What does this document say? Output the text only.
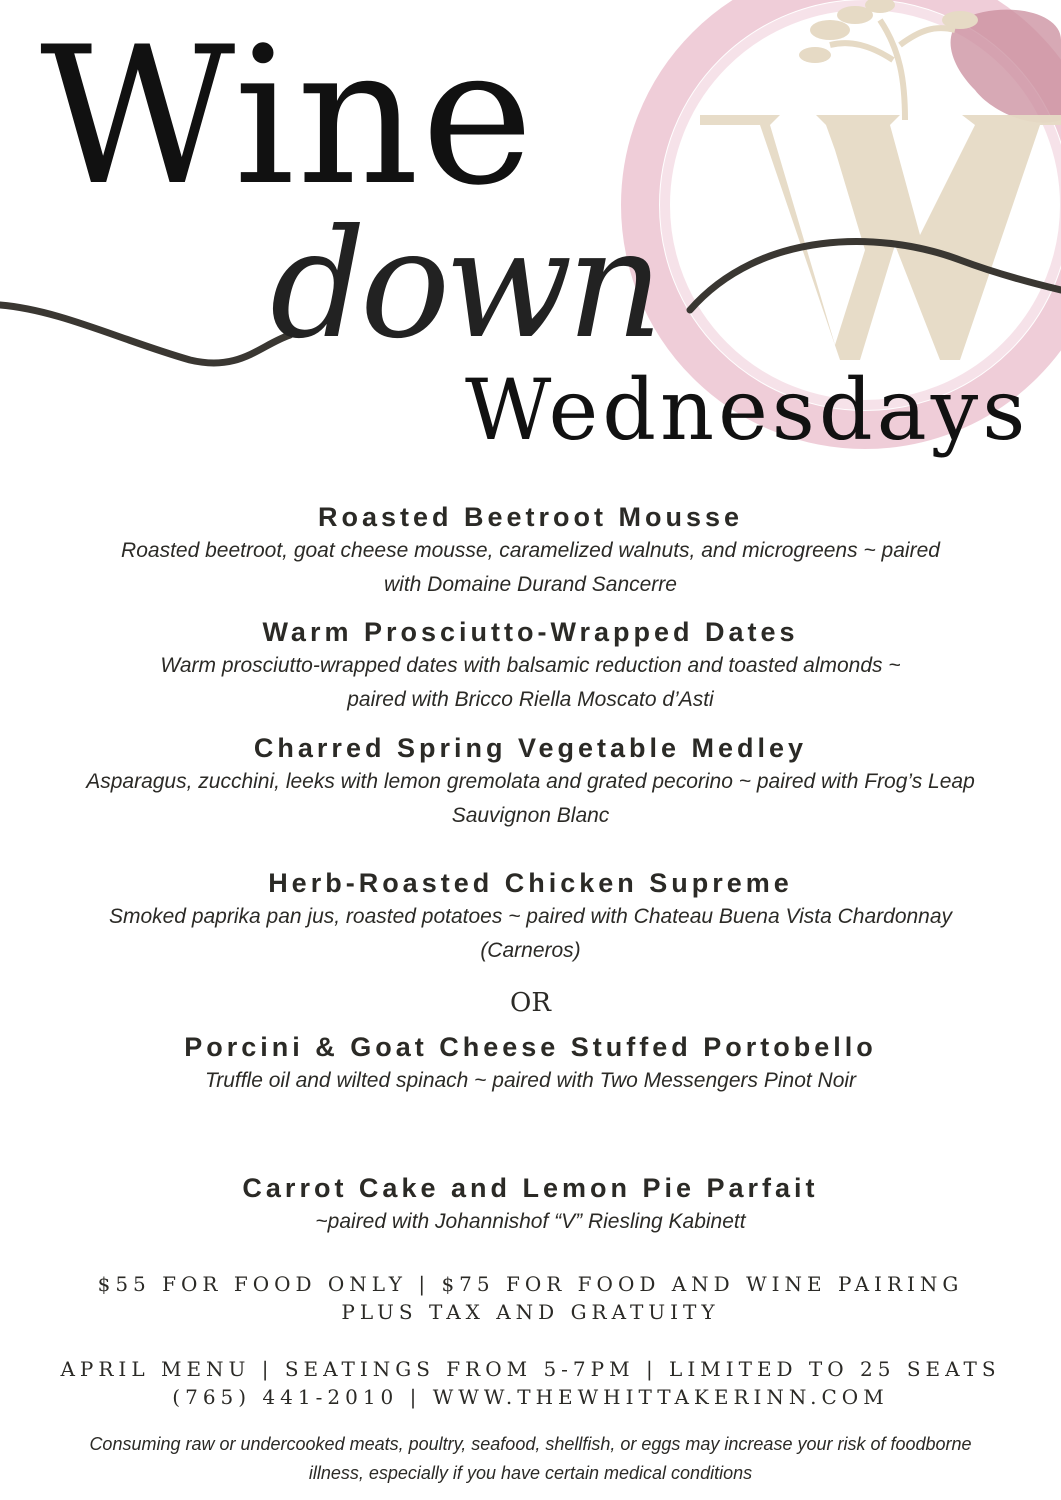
Wine
down
Wednesdays
Roasted Beetroot Mousse
Roasted beetroot, goat cheese mousse, caramelized walnuts, and microgreens ~ paired
with Domaine Durand Sancerre
Warm Prosciutto-Wrapped Dates
Warm prosciutto-wrapped dates with balsamic reduction and toasted almonds ~
paired with Bricco Riella Moscato d’Asti
Charred Spring Vegetable Medley
Asparagus, zucchini, leeks with lemon gremolata and grated pecorino ~ paired with Frog’s Leap
Sauvignon Blanc
Herb-Roasted Chicken Supreme
Smoked paprika pan jus, roasted potatoes ~ paired with Chateau Buena Vista Chardonnay
(Carneros)
OR
Porcini & Goat Cheese Stuffed Portobello
Truffle oil and wilted spinach ~ paired with Two Messengers Pinot Noir
Carrot Cake and Lemon Pie Parfait
~paired with Johannishof “V” Riesling Kabinett
$55 FOR FOOD ONLY | $75 FOR FOOD AND WINE PAIRING
PLUS TAX AND GRATUITY
APRIL MENU | SEATINGS FROM 5-7PM | LIMITED TO 25 SEATS
(765) 441-2010 | WWW.THEWHITTAKERINN.COM
Consuming raw or undercooked meats, poultry, seafood, shellfish, or eggs may increase your risk of foodborne
illness, especially if you have certain medical conditions
